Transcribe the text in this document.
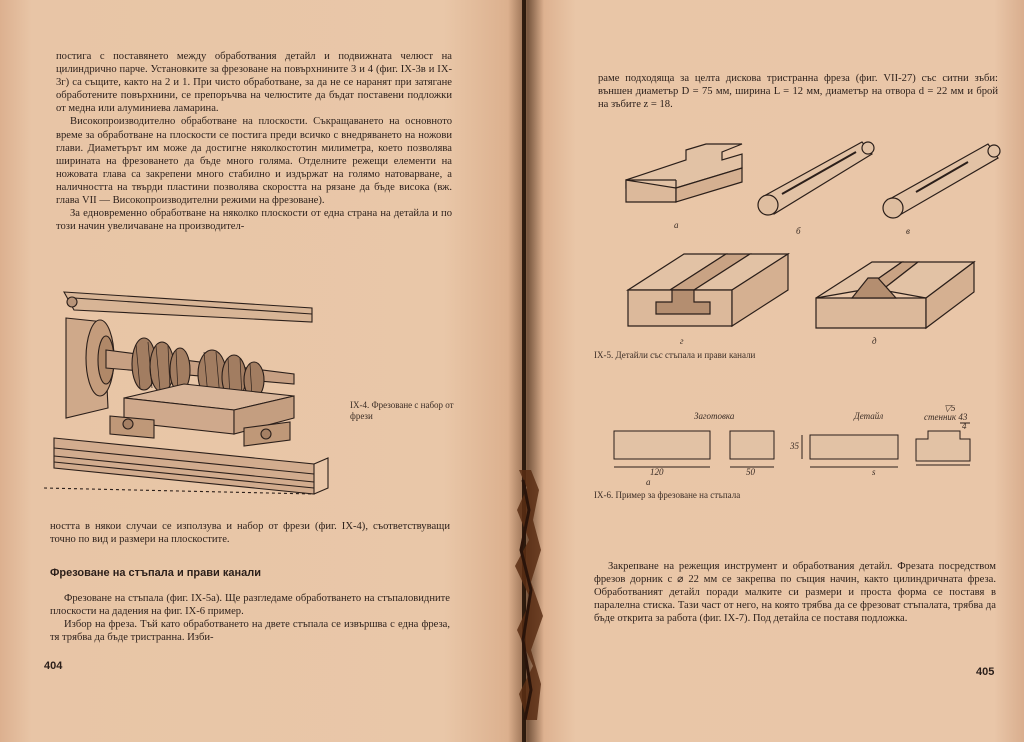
постига с поставянето между обработвания детайл и подвижната челюст на цилиндрично парче. Установките за фрезоване на повърхнините 3 и 4 (фиг. IX-3в и IX-3г) са същите, както на 2 и 1. При чисто обработване, за да не се наранят при затягане обработените повърхнини, се препоръчва на челюстите да бъдат поставени подложки от медна или алуминиева ламарина.

Високопроизводително обработване на плоскости. Съкращаването на основното време за обработване на плоскости се постига преди всичко с внедряването на ножови глави. Диаметърът им може да достигне няколкостотин милиметра, което позволява ширината на фрезоването да бъде много голяма. Отделните режещи елементи на ножовата глава са закрепени много стабилно и издържат на голямо натоварване, а наличността на твърди пластини позволява скоростта на рязане да бъде висока (вж. глава VII — Високопроизводителни режими на фрезоване).

За едновременно обработване на няколко плоскости от една страна на детайла и по този начин увеличаване на производител-

IX-4. Фрезоване с набор от фрези

ността в някои случаи се използува и набор от фрези (фиг. IX-4), съответствуващи точно по вид и размери на плоскостите.

Фрезоване на стъпала и прави канали

Фрезоване на стъпала (фиг. IX-5а). Ще разгледаме обработването на стъпаловидните плоскости на дадения на фиг. IX-6 пример.

Избор на фреза. Тъй като обработването на двете стъпала се извършва с една фреза, тя трябва да бъде тристранна. Изби-

404

раме подходяща за целта дискова тристранна фреза (фиг. VII-27) със ситни зъби: външен диаметър D = 75 мм, ширина L = 12 мм, диаметър на отвора d = 22 мм и брой на зъбите z = 18.

а
б	в
г	д
IX-5. Детайли със стъпала и прави канали
Заготовка	Детайл
120	50
35
а
s
▽5
стенник 43
4
IX-6. Пример за фрезоване на стъпала

Закрепване на режещия инструмент и обработвания детайл. Фрезата посредством фрезов дорник с ⌀ 22 мм се закрепва по същия начин, както цилиндричната фреза. Обработваният детайл поради малките си размери и проста форма се поставя в паралелна стиска. Тази част от него, на която трябва да се фрезоват стъпалата, трябва да бъде открита за работа (фиг. IX-7). Под детайла се поставя подложка.

405
